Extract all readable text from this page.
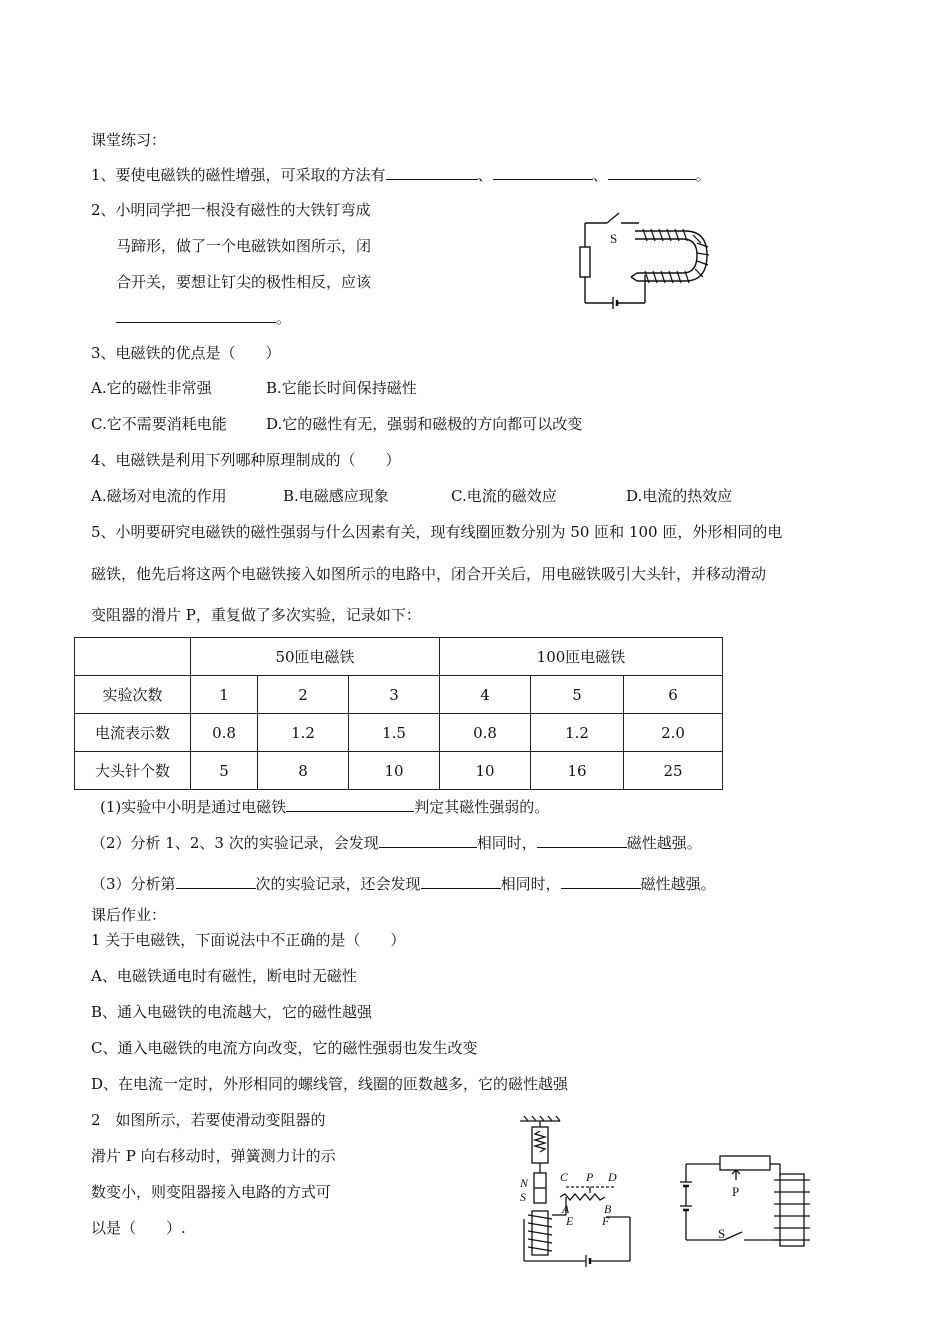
课堂练习：
1、要使电磁铁的磁性增强，可采取的方法有	、	、	。
2、小明同学把一根没有磁性的大铁钉弯成
马蹄形，做了一个电磁铁如图所示，闭
合开关，要想让钉尖的极性相反，应该
。
S
3、电磁铁的优点是（　　）
A.它的磁性非常强	B.它能长时间保持磁性
C.它不需要消耗电能	D.它的磁性有无，强弱和磁极的方向都可以改变
4、电磁铁是利用下列哪种原理制成的（　　）
A.磁场对电流的作用	B.电磁感应现象	C.电流的磁效应	D.电流的热效应
5、小明要研究电磁铁的磁性强弱与什么因素有关，现有线圈匝数分别为 50 匝和 100 匝，外形相同的电
磁铁，他先后将这两个电磁铁接入如图所示的电路中，闭合开关后，用电磁铁吸引大头针，并移动滑动
变阻器的滑片 P，重复做了多次实验，记录如下：
	50匝电磁铁			100匝电磁铁		
实验次数	1	2	3	4	5	6
电流表示数	0.8	1.2	1.5	0.8	1.2	2.0
大头针个数	5	8	10	10	16	25
(1)实验中小明是通过电磁铁	判定其磁性强弱的。
（2）分析 1、2、3 次的实验记录，会发现	相同时，	磁性越强。
（3）分析第	次的实验记录，还会发现	相同时，	磁性越强。
课后作业：
1 关于电磁铁，下面说法中不正确的是（　　）
A、电磁铁通电时有磁性，断电时无磁性
B、通入电磁铁的电流越大，它的磁性越强
C、通入电磁铁的电流方向改变，它的磁性强弱也发生改变
D、在电流一定时，外形相同的螺线管，线圈的匝数越多，它的磁性越强
2　如图所示，若要使滑动变阻器的
滑片 P 向右移动时，弹簧测力计的示
数变小，则变阻器接入电路的方式可
以是（　　）.
N
S
C P D
A	B
E F
P
S
